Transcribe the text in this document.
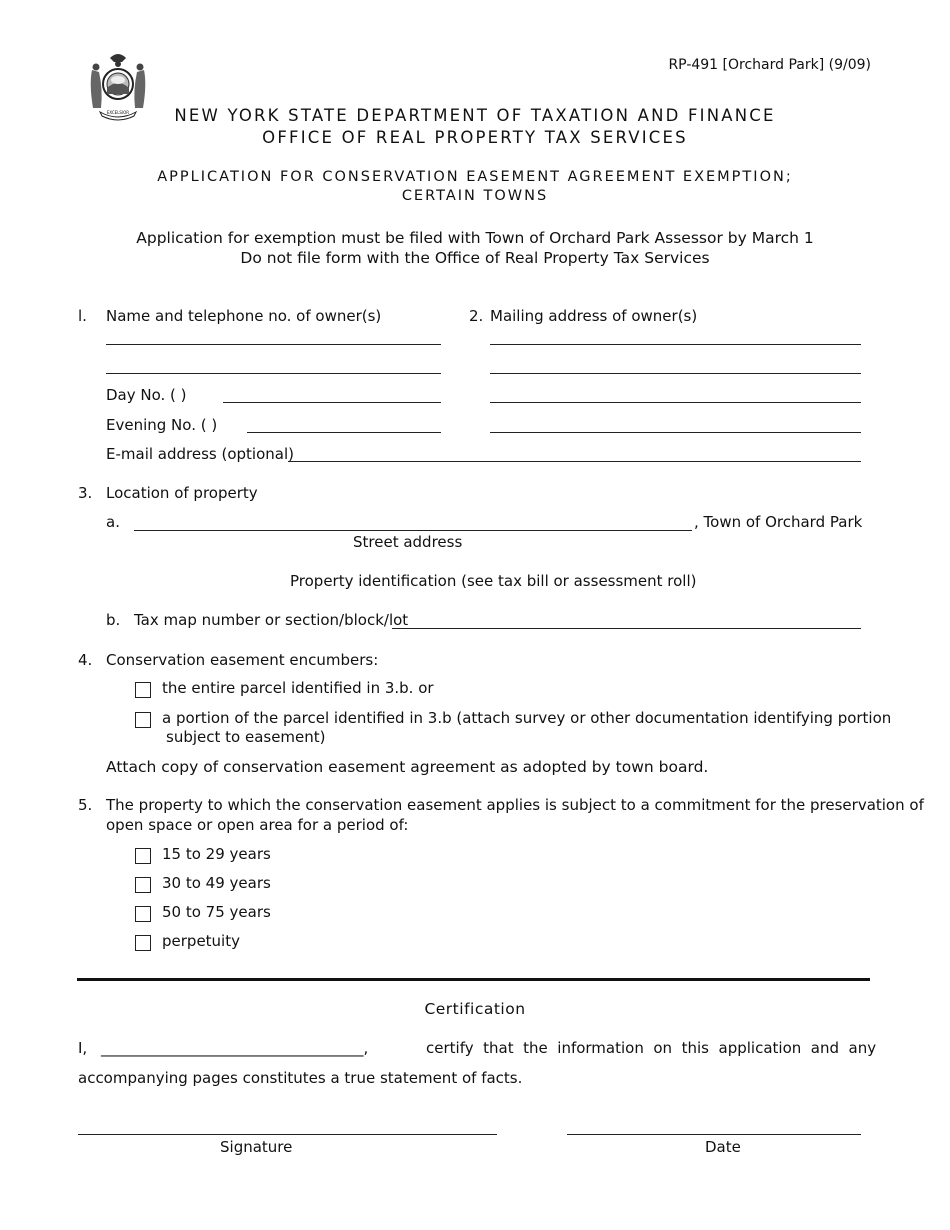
EXCELSIOR
RP-491 [Orchard Park] (9/09)
NEW YORK STATE DEPARTMENT OF TAXATION AND FINANCE
OFFICE OF REAL PROPERTY TAX SERVICES
APPLICATION FOR CONSERVATION EASEMENT AGREEMENT EXEMPTION;
CERTAIN TOWNS
Application for exemption must be filed with Town of Orchard Park Assessor by March 1
Do not file form with the Office of Real Property Tax Services
l. Name and telephone no. of owner(s)
Day No. ( )
Evening No. ( )
E-mail address (optional)
2. Mailing address of owner(s)
3. Location of property
a.	, Town of Orchard Park
Street address
Property identification (see tax bill or assessment roll)
b. Tax map number or section/block/lot
4. Conservation easement encumbers:
the entire parcel identified in 3.b. or
a portion of the parcel identified in 3.b (attach survey or other documentation identifying portion
subject to easement)
Attach copy of conservation easement agreement as adopted by town board.
5. The property to which the conservation easement applies is subject to a commitment for the preservation of
open space or open area for a period of:
15 to 29 years
30 to 49 years
50 to 75 years
perpetuity
Certification
I, ___________________________________,	certify  that  the  information  on  this  application  and  any
accompanying pages constitutes a true statement of facts.
Signature	Date
